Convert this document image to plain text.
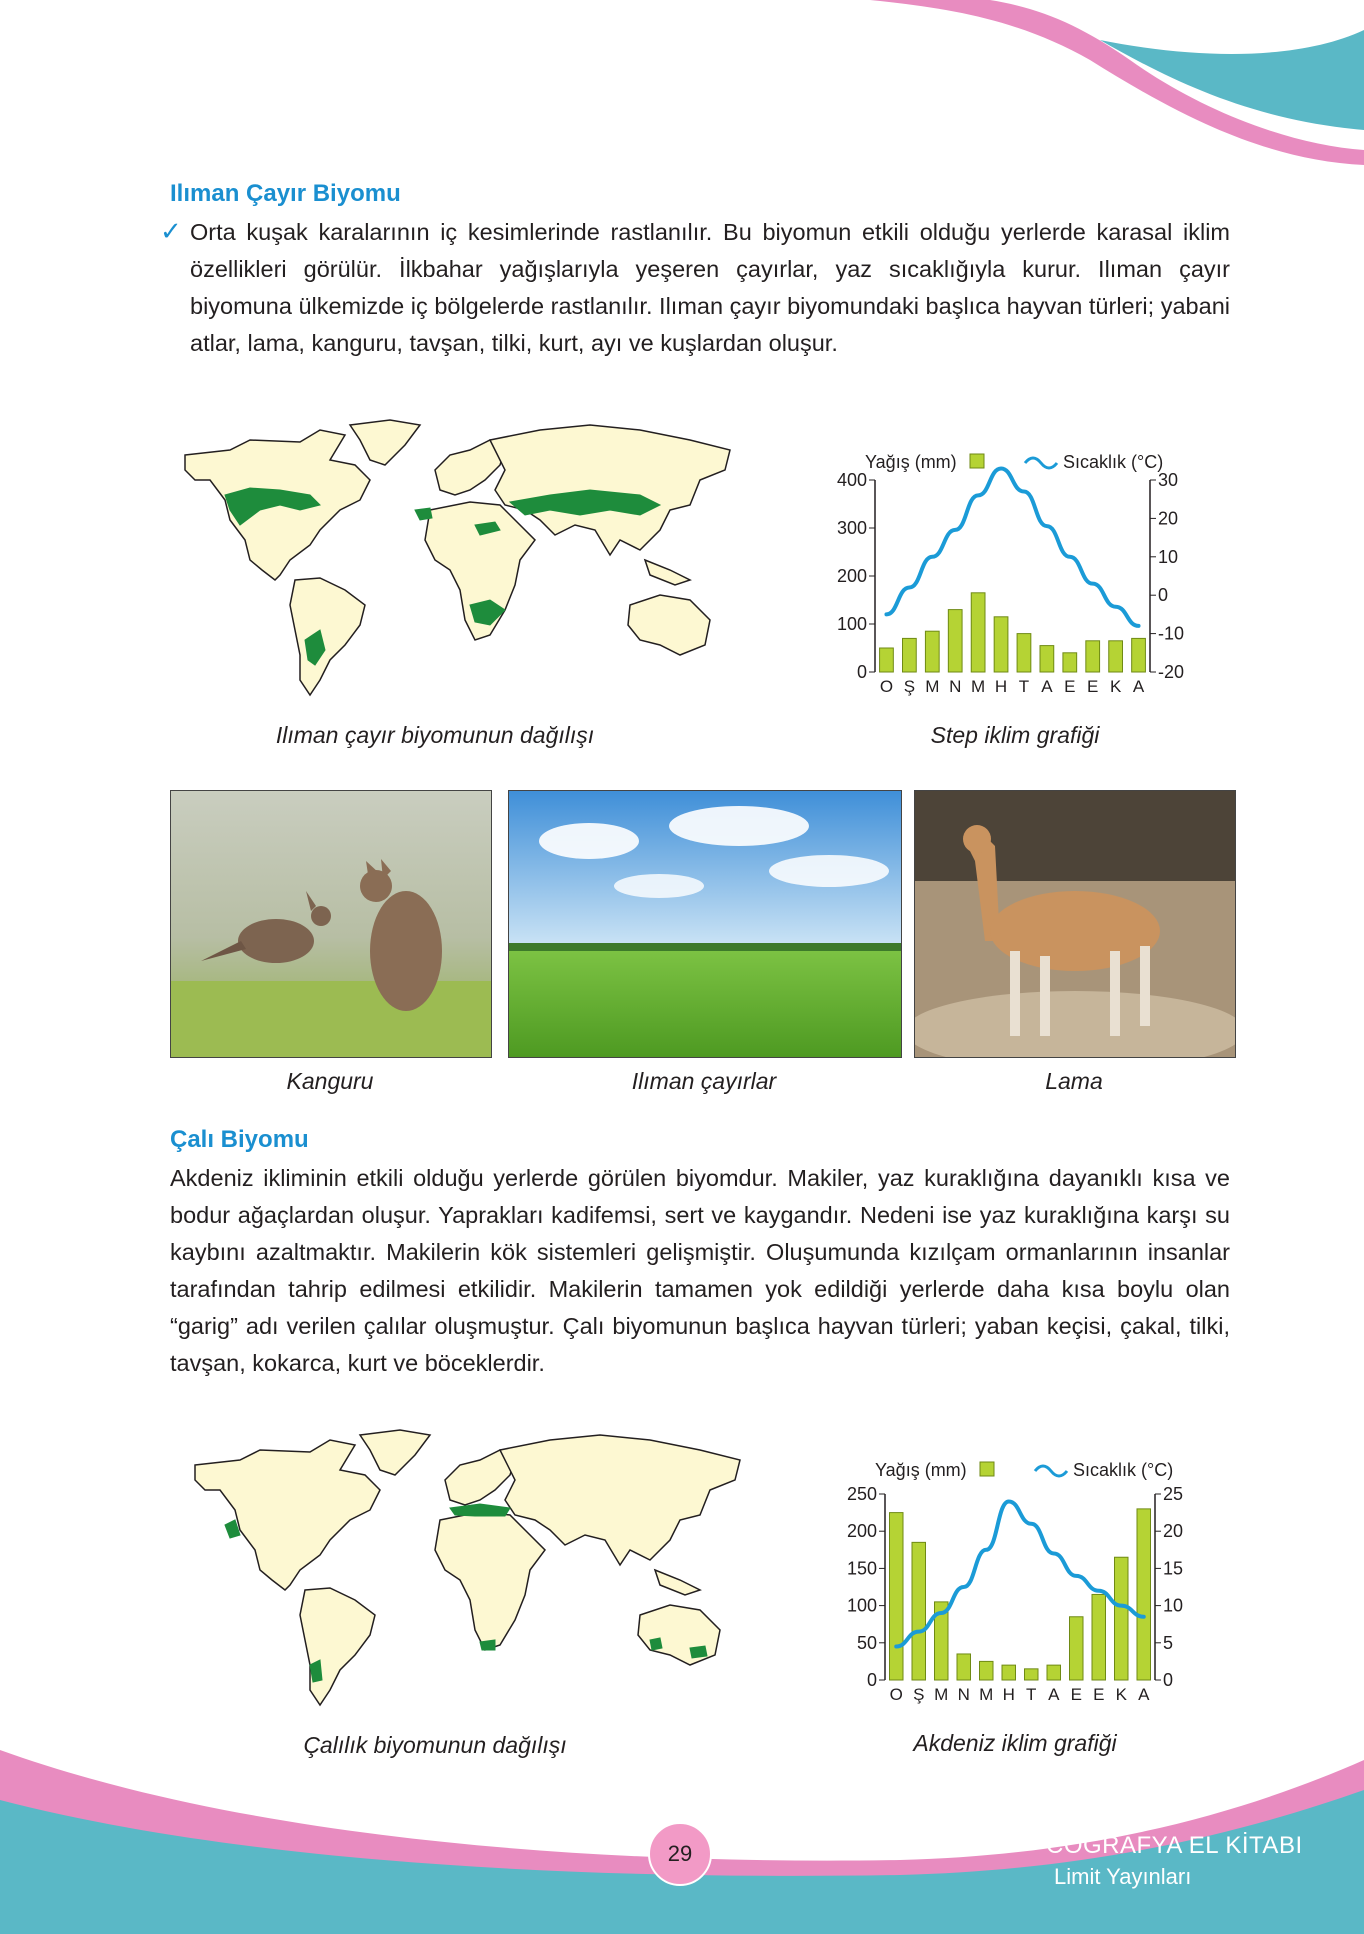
Ilıman Çayır Biyomu
✓ Orta kuşak karalarının iç kesimlerinde rastlanılır. Bu biyomun etkili olduğu yerlerde karasal iklim özellikleri görülür. İlkbahar yağışlarıyla yeşeren çayırlar, yaz sıcaklığıyla kurur. Ilıman çayır biyomuna ülkemizde iç bölgelerde rastlanılır. Ilıman çayır biyomundaki başlıca hayvan türleri; yabani atlar, lama, kanguru, tavşan, tilki, kurt, ayı ve kuşlardan oluşur.
Ilıman çayır biyomunun dağılışı
Yağış (mm)	Sıcaklık (°C)
0
100
200
300
400
-20
-10
0
10
20
30
O Ş M N M H T A E E K A
Step iklim grafiği
Kanguru	Ilıman çayırlar	Lama
Çalı Biyomu
Akdeniz ikliminin etkili olduğu yerlerde görülen biyomdur. Makiler, yaz kuraklığına dayanıklı kısa ve bodur ağaçlardan oluşur. Yaprakları kadifemsi, sert ve kaygandır. Nedeni ise yaz kuraklığına karşı su kaybını azaltmaktır. Makilerin kök sistemleri gelişmiştir. Oluşumunda kızılçam ormanlarının insanlar tarafından tahrip edilmesi etkilidir. Makilerin tamamen yok edildiği yerlerde daha kısa boylu olan “garig” adı verilen çalılar oluşmuştur. Çalı biyomunun başlıca hayvan türleri; yaban keçisi, çakal, tilki, tavşan, kokarca, kurt ve böceklerdir.
Çalılık biyomunun dağılışı
Yağış (mm)	Sıcaklık (°C)
0
50
100
150
200
250
0
5
10
15
20
25
O Ş M N M H T A E E K A
Akdeniz iklim grafiği
29	COĞRAFYA EL KİTABI
Limit Yayınları
